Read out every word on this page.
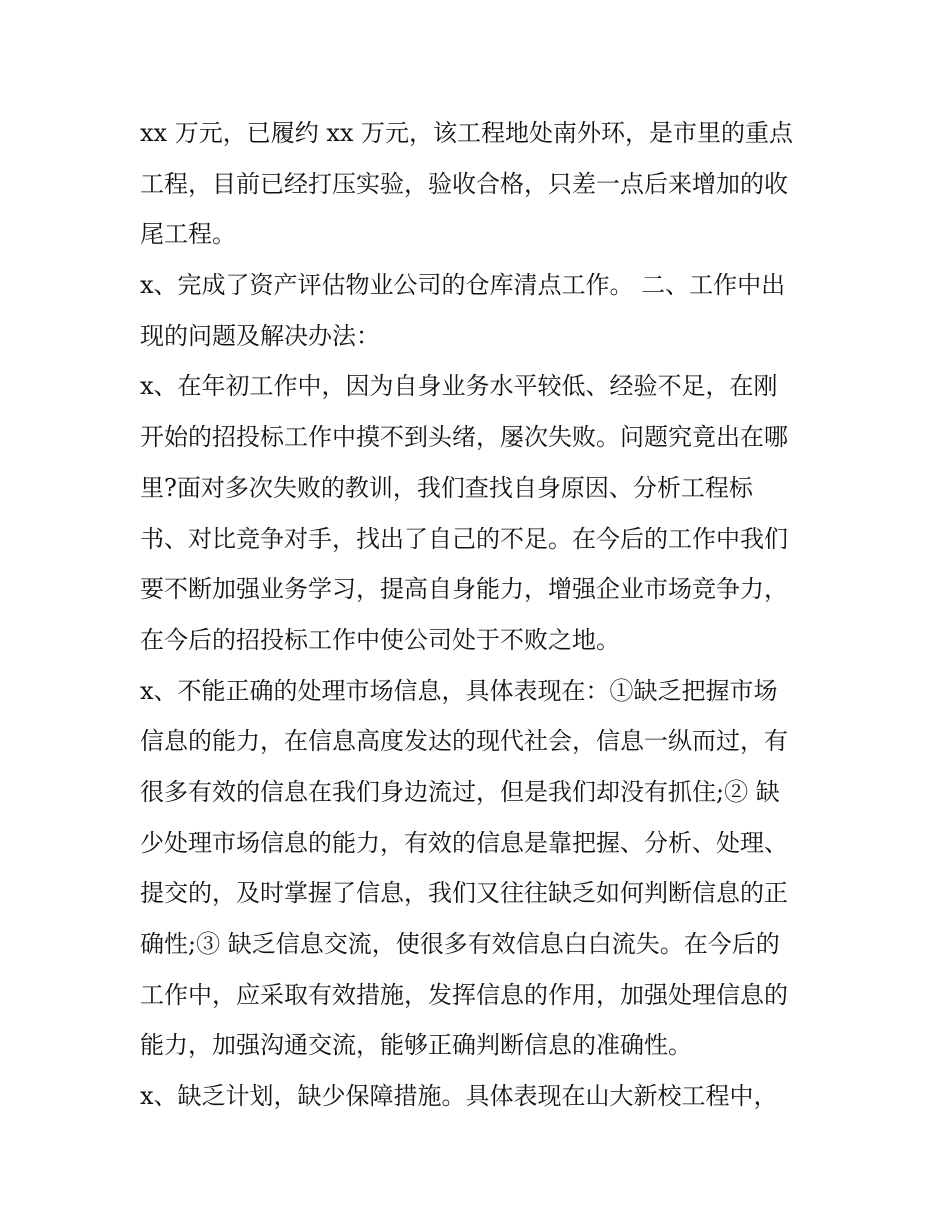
xx 万元，已履约 xx 万元，该工程地处南外环，是市里的重点
工程，目前已经打压实验，验收合格，只差一点后来增加的收
尾工程。
x、完成了资产评估物业公司的仓库清点工作。 二、工作中出
现的问题及解决办法：
x、在年初工作中，因为自身业务水平较低、经验不足，在刚
开始的招投标工作中摸不到头绪，屡次失败。问题究竟出在哪
里?面对多次失败的教训，我们查找自身原因、分析工程标
书、对比竞争对手，找出了自己的不足。在今后的工作中我们
要不断加强业务学习，提高自身能力，增强企业市场竞争力，
在今后的招投标工作中使公司处于不败之地。
x、不能正确的处理市场信息，具体表现在：①缺乏把握市场
信息的能力，在信息高度发达的现代社会，信息一纵而过，有
很多有效的信息在我们身边流过，但是我们却没有抓住;② 缺
少处理市场信息的能力，有效的信息是靠把握、分析、处理、
提交的，及时掌握了信息，我们又往往缺乏如何判断信息的正
确性;③ 缺乏信息交流，使很多有效信息白白流失。在今后的
工作中，应采取有效措施，发挥信息的作用，加强处理信息的
能力，加强沟通交流，能够正确判断信息的准确性。
x、缺乏计划，缺少保障措施。具体表现在山大新校工程中，
